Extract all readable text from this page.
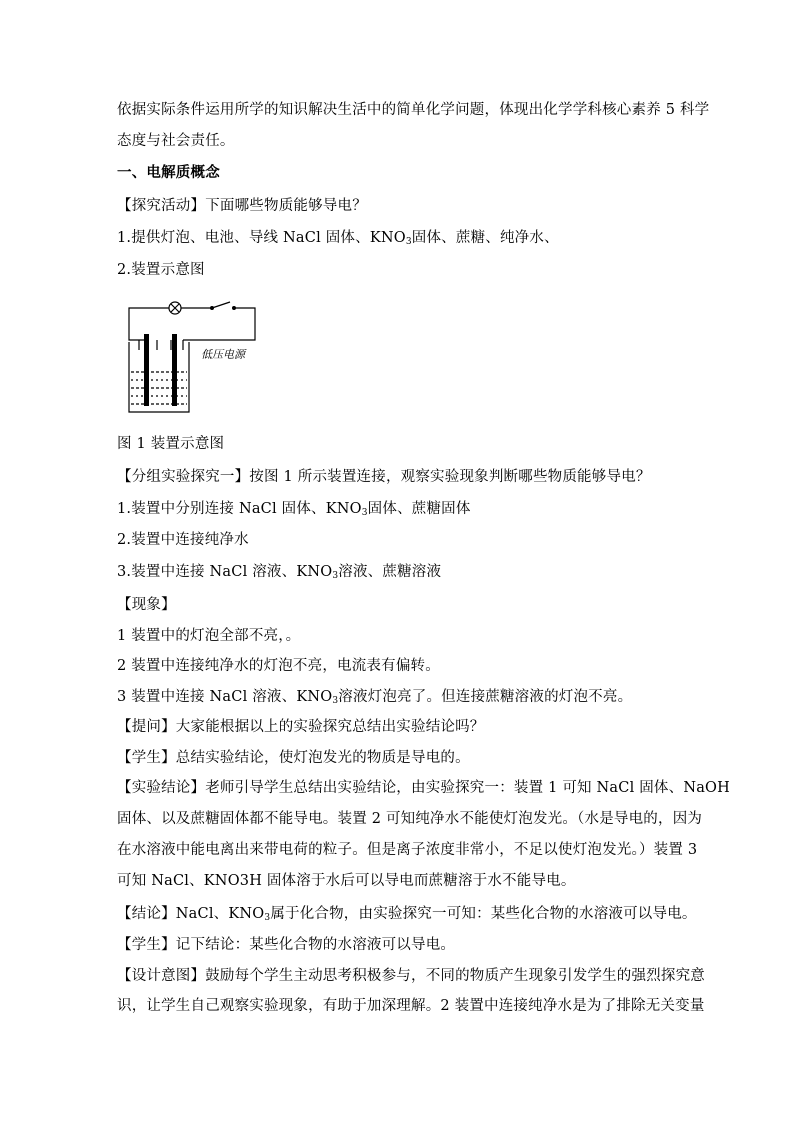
依据实际条件运用所学的知识解决生活中的简单化学问题，体现出化学学科核心素养 5 科学
态度与社会责任。
一、电解质概念
【探究活动】下面哪些物质能够导电？
1.提供灯泡、电池、导线 NaCl 固体、$KNO_3$固体、蔗糖、纯净水、
2.装置示意图
低压电源
图 1 装置示意图
【分组实验探究一】按图 1 所示装置连接，观察实验现象判断哪些物质能够导电？
1.装置中分别连接 NaCl 固体、$KNO_3$固体、蔗糖固体
2.装置中连接纯净水
3.装置中连接 NaCl 溶液、$KNO_3$溶液、蔗糖溶液
【现象】
1 装置中的灯泡全部不亮，。
2 装置中连接纯净水的灯泡不亮，电流表有偏转。
3 装置中连接 NaCl 溶液、$KNO_3$溶液灯泡亮了。但连接蔗糖溶液的灯泡不亮。
【提问】大家能根据以上的实验探究总结出实验结论吗？
【学生】总结实验结论，使灯泡发光的物质是导电的。
【实验结论】老师引导学生总结出实验结论，由实验探究一：装置 1 可知 NaCl 固体、NaOH
固体、以及蔗糖固体都不能导电。装置 2 可知纯净水不能使灯泡发光。（水是导电的，因为
在水溶液中能电离出来带电荷的粒子。但是离子浓度非常小，不足以使灯泡发光。）装置 3
可知 NaCl、KNO3H 固体溶于水后可以导电而蔗糖溶于水不能导电。
【结论】NaCl、$KNO_3$属于化合物，由实验探究一可知：某些化合物的水溶液可以导电。
【学生】记下结论：某些化合物的水溶液可以导电。
【设计意图】鼓励每个学生主动思考积极参与，不同的物质产生现象引发学生的强烈探究意
识，让学生自己观察实验现象，有助于加深理解。2 装置中连接纯净水是为了排除无关变量
